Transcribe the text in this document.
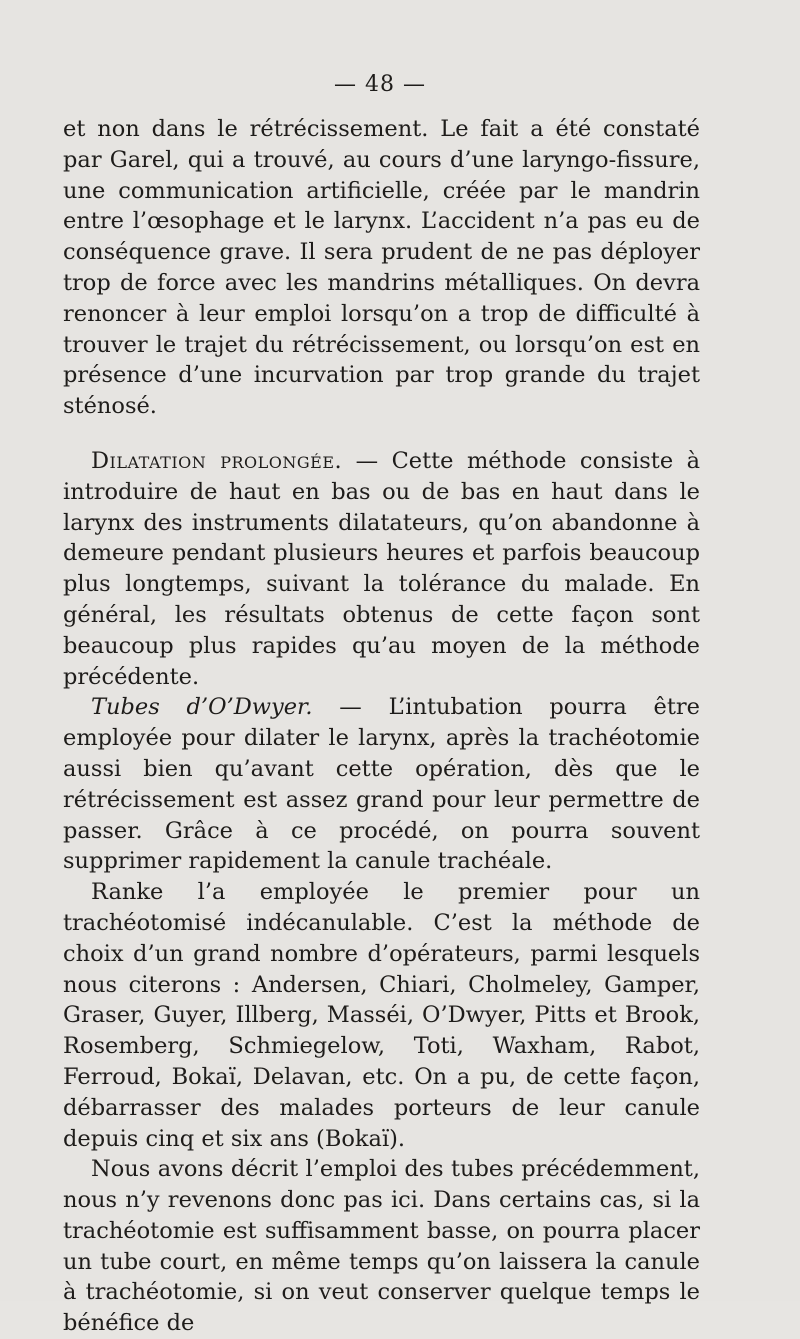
— 48 —

et non dans le rétrécissement. Le fait a été constaté par Garel, qui a trouvé, au cours d’une laryngo-fissure, une communication artificielle, créée par le mandrin entre l’œsophage et le larynx. L’accident n’a pas eu de conséquence grave. Il sera prudent de ne pas déployer trop de force avec les mandrins métalliques. On devra renoncer à leur emploi lorsqu’on a trop de difficulté à trouver le trajet du rétrécissement, ou lorsqu’on est en présence d’une incurvation par trop grande du trajet sténosé.

Dilatation prolongée. — Cette méthode consiste à introduire de haut en bas ou de bas en haut dans le larynx des instruments dilatateurs, qu’on abandonne à demeure pendant plusieurs heures et parfois beaucoup plus longtemps, suivant la tolérance du malade. En général, les résultats obtenus de cette façon sont beaucoup plus rapides qu’au moyen de la méthode précédente.

Tubes d’O’Dwyer. — L’intubation pourra être employée pour dilater le larynx, après la trachéotomie aussi bien qu’avant cette opération, dès que le rétrécissement est assez grand pour leur permettre de passer. Grâce à ce procédé, on pourra souvent supprimer rapidement la canule trachéale.

Ranke l’a employée le premier pour un trachéotomisé indécanulable. C’est la méthode de choix d’un grand nombre d’opérateurs, parmi lesquels nous citerons : Andersen, Chiari, Cholmeley, Gamper, Graser, Guyer, Illberg, Masséi, O’Dwyer, Pitts et Brook, Rosemberg, Schmiegelow, Toti, Waxham, Rabot, Ferroud, Bokaï, Delavan, etc. On a pu, de cette façon, débarrasser des malades porteurs de leur canule depuis cinq et six ans (Bokaï).

Nous avons décrit l’emploi des tubes précédemment, nous n’y revenons donc pas ici. Dans certains cas, si la trachéotomie est suffisamment basse, on pourra placer un tube court, en même temps qu’on laissera la canule à trachéotomie, si on veut conserver quelque temps le bénéfice de
